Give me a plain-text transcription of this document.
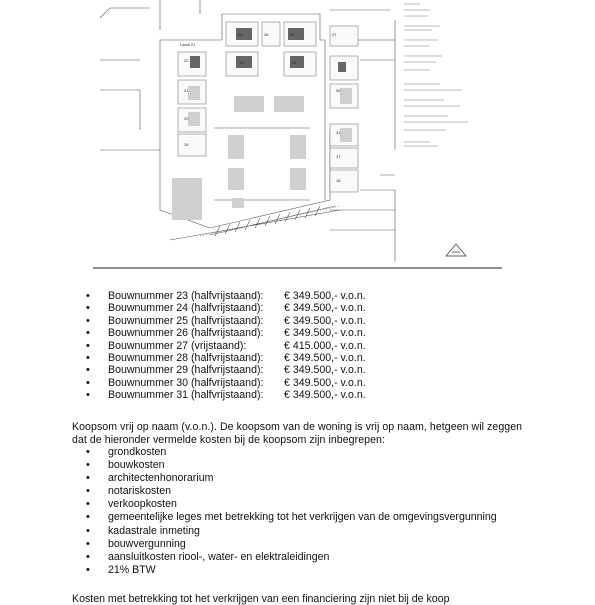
Landl 21
24	26	28	27
23	29
22
21
20
19
30
31
17
18
• Bouwnummer 23 (halfvrijstaand): € 349.500,- v.o.n.
• Bouwnummer 24 (halfvrijstaand): € 349.500,- v.o.n.
• Bouwnummer 25 (halfvrijstaand): € 349.500,- v.o.n.
• Bouwnummer 26 (halfvrijstaand): € 349.500,- v.o.n.
• Bouwnummer 27 (vrijstaand):	€ 415.000,- v.o.n.
• Bouwnummer 28 (halfvrijstaand): € 349.500,- v.o.n.
• Bouwnummer 29 (halfvrijstaand): € 349.500,- v.o.n.
• Bouwnummer 30 (halfvrijstaand): € 349.500,- v.o.n.
• Bouwnummer 31 (halfvrijstaand): € 349.500,- v.o.n.

Koopsom vrij op naam (v.o.n.). De koopsom van de woning is vrij op naam, hetgeen wil zeggen dat de hieronder vermelde kosten bij de koopsom zijn inbegrepen:

• grondkosten
• bouwkosten
• architectenhonorarium
• notariskosten
• verkoopkosten
• gemeentelijke leges met betrekking tot het verkrijgen van de omgevingsvergunning
• kadastrale inmeting
• bouwvergunning
• aansluitkosten riool-, water- en elektraleidingen
• 21% BTW

Kosten met betrekking tot het verkrijgen van een financiering zijn niet bij de koop
